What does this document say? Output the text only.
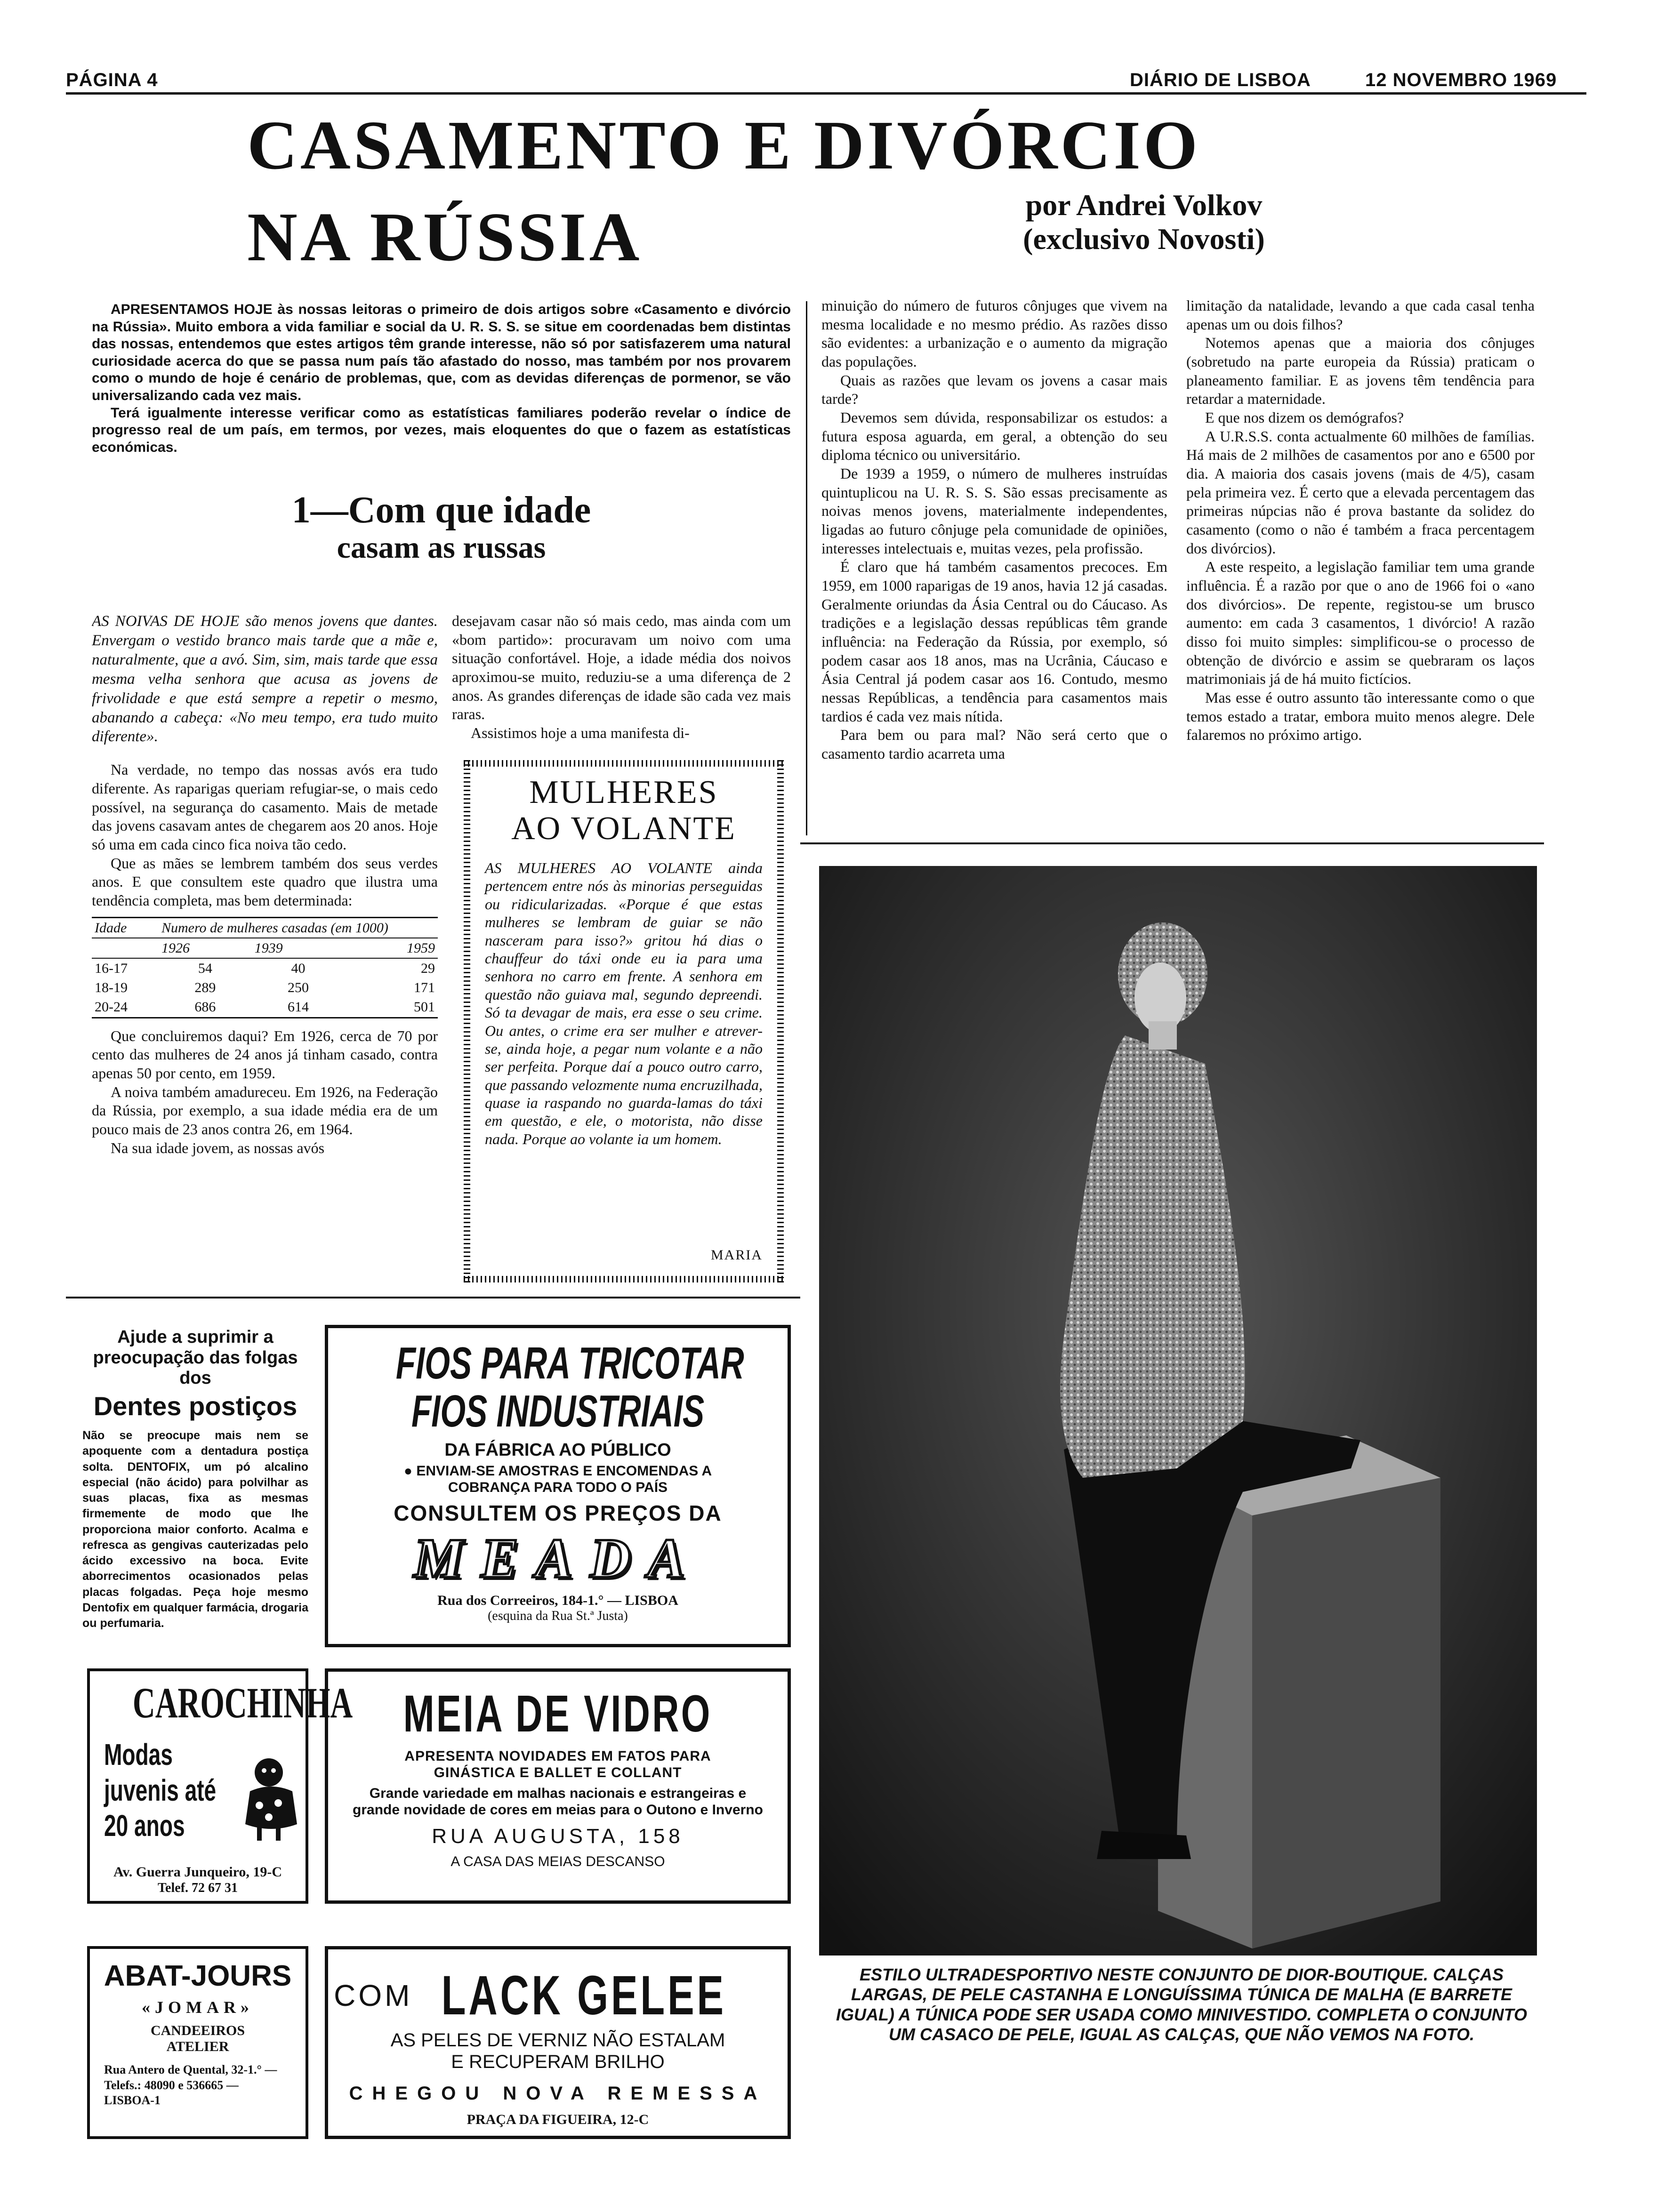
PÁGINA 4	DIÁRIO DE LISBOA	12 NOVEMBRO 1969
CASAMENTO E DIVÓRCIO
NA RÚSSIA	por Andrei Volkov
(exclusivo Novosti)

APRESENTAMOS HOJE às nossas leitoras o primeiro de dois artigos sobre «Casamento e divórcio na Rússia». Muito embora a vida familiar e social da U. R. S. S. se situe em coordenadas bem distintas das nossas, entendemos que estes artigos têm grande interesse, não só por satisfazerem uma natural curiosidade acerca do que se passa num país tão afastado do nosso, mas também por nos provarem como o mundo de hoje é cenário de problemas, que, com as devidas diferenças de pormenor, se vão universalizando cada vez mais.

Terá igualmente interesse verificar como as estatísticas familiares poderão revelar o índice de progresso real de um país, em termos, por vezes, mais eloquentes do que o fazem as estatísticas económicas.

1—Com que idade
casam as russas

AS NOIVAS DE HOJE são menos jovens que dantes. Envergam o vestido branco mais tarde que a mãe e, naturalmente, que a avó. Sim, sim, mais tarde que essa mesma velha senhora que acusa as jovens de frivolidade e que está sempre a repetir o mesmo, abanando a cabeça: «No meu tempo, era tudo muito diferente».

Na verdade, no tempo das nossas avós era tudo diferente. As raparigas queriam refugiar-se, o mais cedo possível, na segurança do casamento. Mais de metade das jovens casavam antes de chegarem aos 20 anos. Hoje só uma em cada cinco fica noiva tão cedo.

Que as mães se lembrem também dos seus verdes anos. E que consultem este quadro que ilustra uma tendência completa, mas bem determinada:

Idade	Numero de mulheres casadas (em 1000)		
	1926	1939	1959
16-17	54	40	29
18-19	289	250	171
20-24	686	614	501

Que concluiremos daqui? Em 1926, cerca de 70 por cento das mulheres de 24 anos já tinham casado, contra apenas 50 por cento, em 1959.

A noiva também amadureceu. Em 1926, na Federação da Rússia, por exemplo, a sua idade média era de um pouco mais de 23 anos contra 26, em 1964.

Na sua idade jovem, as nossas avós

desejavam casar não só mais cedo, mas ainda com um «bom partido»: procuravam um noivo com uma situação confortável. Hoje, a idade média dos noivos aproximou-se muito, reduziu-se a uma diferença de 2 anos. As grandes diferenças de idade são cada vez mais raras.

Assistimos hoje a uma manifesta di-

MULHERES
AO VOLANTE
AS MULHERES AO VOLANTE ainda pertencem entre nós às minorias perseguidas ou ridicularizadas. «Porque é que estas mulheres se lembram de guiar se não nasceram para isso?» gritou há dias o chauffeur do táxi onde eu ia para uma senhora no carro em frente. A senhora em questão não guiava mal, segundo depreendi. Só ta devagar de mais, era esse o seu crime. Ou antes, o crime era ser mulher e atrever-se, ainda hoje, a pegar num volante e a não ser perfeita. Porque daí a pouco outro carro, que passando velozmente numa encruzilhada, quase ia raspando no guarda-lamas do táxi em questão, e ele, o motorista, não disse nada. Porque ao volante ia um homem.
MARIA

minuição do número de futuros cônjuges que vivem na mesma localidade e no mesmo prédio. As razões disso são evidentes: a urbanização e o aumento da migração das populações.

Quais as razões que levam os jovens a casar mais tarde?

Devemos sem dúvida, responsabilizar os estudos: a futura esposa aguarda, em geral, a obtenção do seu diploma técnico ou universitário.

De 1939 a 1959, o número de mulheres instruídas quintuplicou na U. R. S. S. São essas precisamente as noivas menos jovens, materialmente independentes, ligadas ao futuro cônjuge pela comunidade de opiniões, interesses intelectuais e, muitas vezes, pela profissão.

É claro que há também casamentos precoces. Em 1959, em 1000 raparigas de 19 anos, havia 12 já casadas. Geralmente oriundas da Ásia Central ou do Cáucaso. As tradições e a legislação dessas repúblicas têm grande influência: na Federação da Rússia, por exemplo, só podem casar aos 18 anos, mas na Ucrânia, Cáucaso e Ásia Central já podem casar aos 16. Contudo, mesmo nessas Repúblicas, a tendência para casamentos mais tardios é cada vez mais nítida.

Para bem ou para mal? Não será certo que o casamento tardio acarreta uma

limitação da natalidade, levando a que cada casal tenha apenas um ou dois filhos?

Notemos apenas que a maioria dos cônjuges (sobretudo na parte europeia da Rússia) praticam o planeamento familiar. E as jovens têm tendência para retardar a maternidade.

E que nos dizem os demógrafos?

A U.R.S.S. conta actualmente 60 milhões de famílias. Há mais de 2 milhões de casamentos por ano e 6500 por dia. A maioria dos casais jovens (mais de 4/5), casam pela primeira vez. É certo que a elevada percentagem das primeiras núpcias não é prova bastante da solidez do casamento (como o não é também a fraca percentagem dos divórcios).

A este respeito, a legislação familiar tem uma grande influência. É a razão por que o ano de 1966 foi o «ano dos divórcios». De repente, registou-se um brusco aumento: em cada 3 casamentos, 1 divórcio! A razão disso foi muito simples: simplificou-se o processo de obtenção de divórcio e assim se quebraram os laços matrimoniais já de há muito fictícios.

Mas esse é outro assunto tão interessante como o que temos estado a tratar, embora muito menos alegre. Dele falaremos no próximo artigo.

ESTILO ULTRADESPORTIVO NESTE CONJUNTO DE DIOR-BOUTIQUE. CALÇAS LARGAS, DE PELE CASTANHA E LONGUÍSSIMA TÚNICA DE MALHA (E BARRETE IGUAL) A TÚNICA PODE SER USADA COMO MINIVESTIDO. COMPLETA O CONJUNTO UM CASACO DE PELE, IGUAL AS CALÇAS, QUE NÃO VEMOS NA FOTO.
Ajude a suprimir a preocupação das folgas dos
Dentes postiços
Não se preocupe mais nem se apoquente com a dentadura postiça solta. DENTOFIX, um pó alcalino especial (não ácido) para polvilhar as suas placas, fixa as mesmas firmemente de modo que lhe proporciona maior conforto. Acalma e refresca as gengivas cauterizadas pelo ácido excessivo na boca. Evite aborrecimentos ocasionados pelas placas folgadas. Peça hoje mesmo Dentofix em qualquer farmácia, drogaria ou perfumaria.
FIOS PARA TRICOTAR
FIOS INDUSTRIAIS
DA FÁBRICA AO PÚBLICO
● ENVIAM-SE AMOSTRAS E ENCOMENDAS A COBRANÇA PARA TODO O PAÍS
CONSULTEM OS PREÇOS DA
MEADA
Rua dos Correeiros, 184-1.° — LISBOA
(esquina da Rua St.ª Justa)
CAROCHINHA
Modas
juvenis até
20 anos
Av. Guerra Junqueiro, 19-C
Telef. 72 67 31
MEIA DE VIDRO
APRESENTA NOVIDADES EM FATOS PARA GINÁSTICA E BALLET E COLLANT
Grande variedade em malhas nacionais e estrangeiras e grande novidade de cores em meias para o Outono e Inverno
RUA AUGUSTA, 158
A CASA DAS MEIAS DESCANSO
ABAT-JOURS
«JOMAR»
CANDEEIROS
ATELIER
Rua Antero de Quental, 32-1.° — Telefs.: 48090 e 536665 — LISBOA-1
COM LACK GELEE
AS PELES DE VERNIZ NÃO ESTALAM E RECUPERAM BRILHO
CHEGOU NOVA REMESSA
PRAÇA DA FIGUEIRA, 12-C
